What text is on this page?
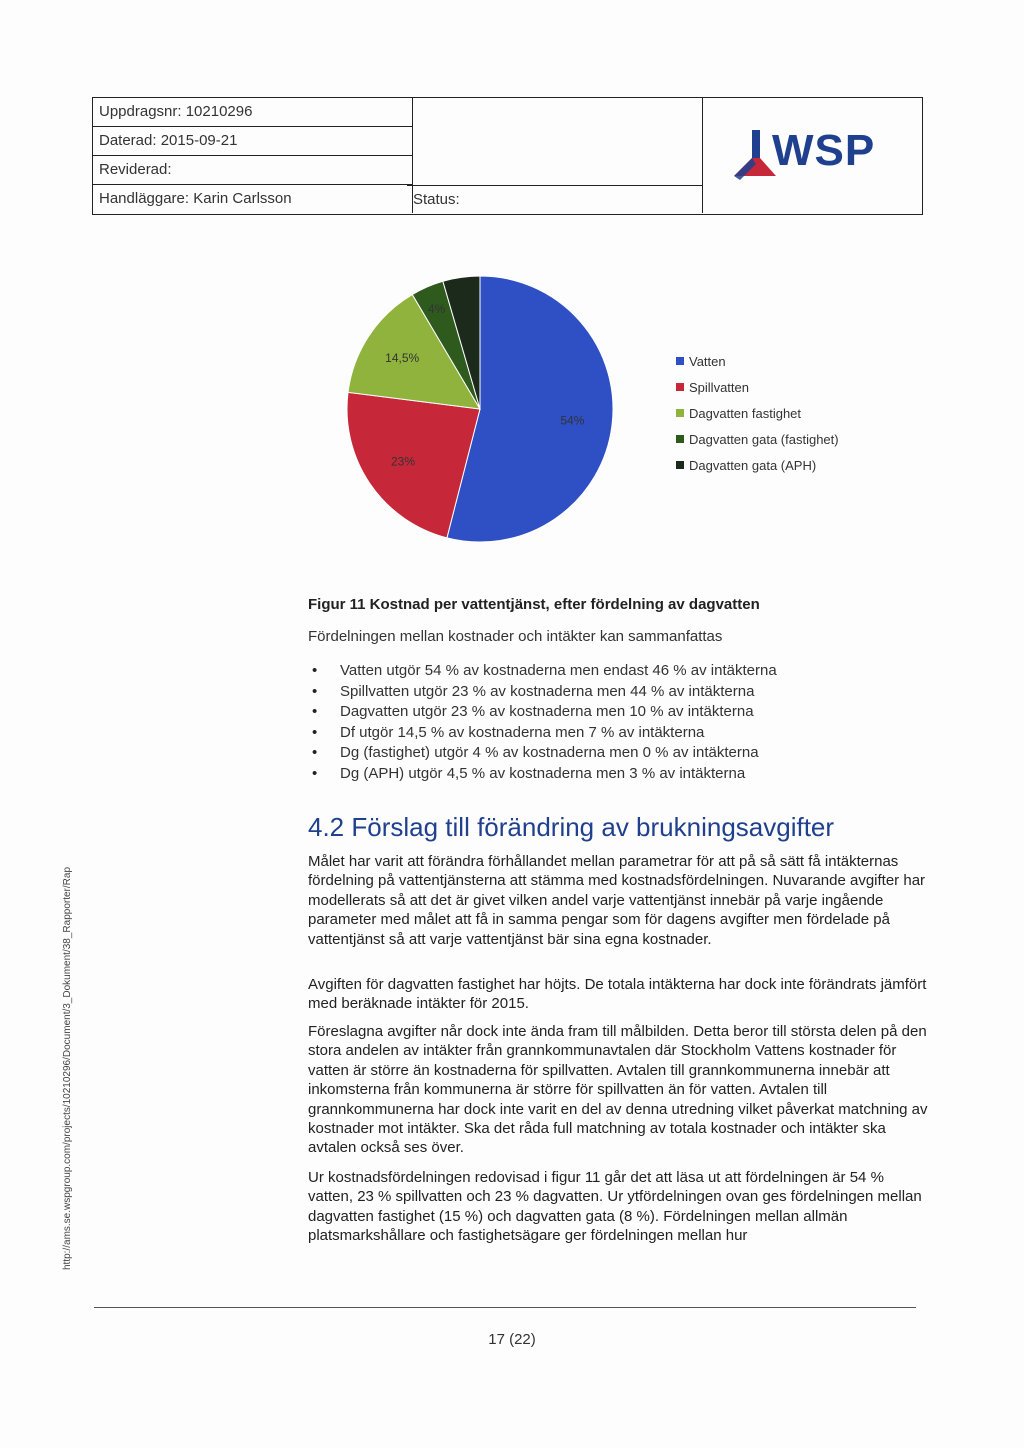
Uppdragsnr: 10210296
Daterad: 2015-09-21
Reviderad:
Handläggare: Karin Carlsson	Status:
WSP
54%
23%
14,5%
4%
Vatten
Spillvatten
Dagvatten fastighet
Dagvatten gata (fastighet)
Dagvatten gata (APH)
Figur 11 Kostnad per vattentjänst, efter fördelning av dagvatten
Fördelningen mellan kostnader och intäkter kan sammanfattas
• Vatten utgör 54 % av kostnaderna men endast 46 % av intäkterna
• Spillvatten utgör 23 % av kostnaderna men 44 % av intäkterna
• Dagvatten utgör 23 % av kostnaderna men 10 % av intäkterna
• Df utgör 14,5 % av kostnaderna men 7 % av intäkterna
• Dg (fastighet) utgör 4 % av kostnaderna men 0 % av intäkterna
• Dg (APH) utgör 4,5 % av kostnaderna men 3 % av intäkterna
4.2 Förslag till förändring av brukningsavgifter

Målet har varit att förändra förhållandet mellan parametrar för att på så sätt få intäkternas fördelning på vattentjänsterna att stämma med kostnadsfördelningen. Nuvarande avgifter har modellerats så att det är givet vilken andel varje vattentjänst innebär på varje ingående parameter med målet att få in samma pengar som för dagens avgifter men fördelade på vattentjänst så att varje vattentjänst bär sina egna kostnader.

Avgiften för dagvatten fastighet har höjts. De totala intäkterna har dock inte förändrats jämfört med beräknade intäkter för 2015.

Föreslagna avgifter når dock inte ända fram till målbilden. Detta beror till största delen på den stora andelen av intäkter från grannkommunavtalen där Stockholm Vattens kostnader för vatten är större än kostnaderna för spillvatten. Avtalen till grannkommunerna innebär att inkomsterna från kommunerna är större för spillvatten än för vatten. Avtalen till grannkommunerna har dock inte varit en del av denna utredning vilket påverkat matchning av kostnader mot intäkter. Ska det råda full matchning av totala kostnader och intäkter ska avtalen också ses över.

Ur kostnadsfördelningen redovisad i figur 11 går det att läsa ut att fördelningen är 54 % vatten, 23 % spillvatten och 23 % dagvatten. Ur ytfördelningen ovan ges fördelningen mellan dagvatten fastighet (15 %) och dagvatten gata (8 %). Fördelningen mellan allmän platsmarkshållare och fastighetsägare ger fördelningen mellan hur

http://ams.se.wspgroup.com/projects/10210296/Document/3_Dokument/38_Rapporter/Rap
17 (22)
